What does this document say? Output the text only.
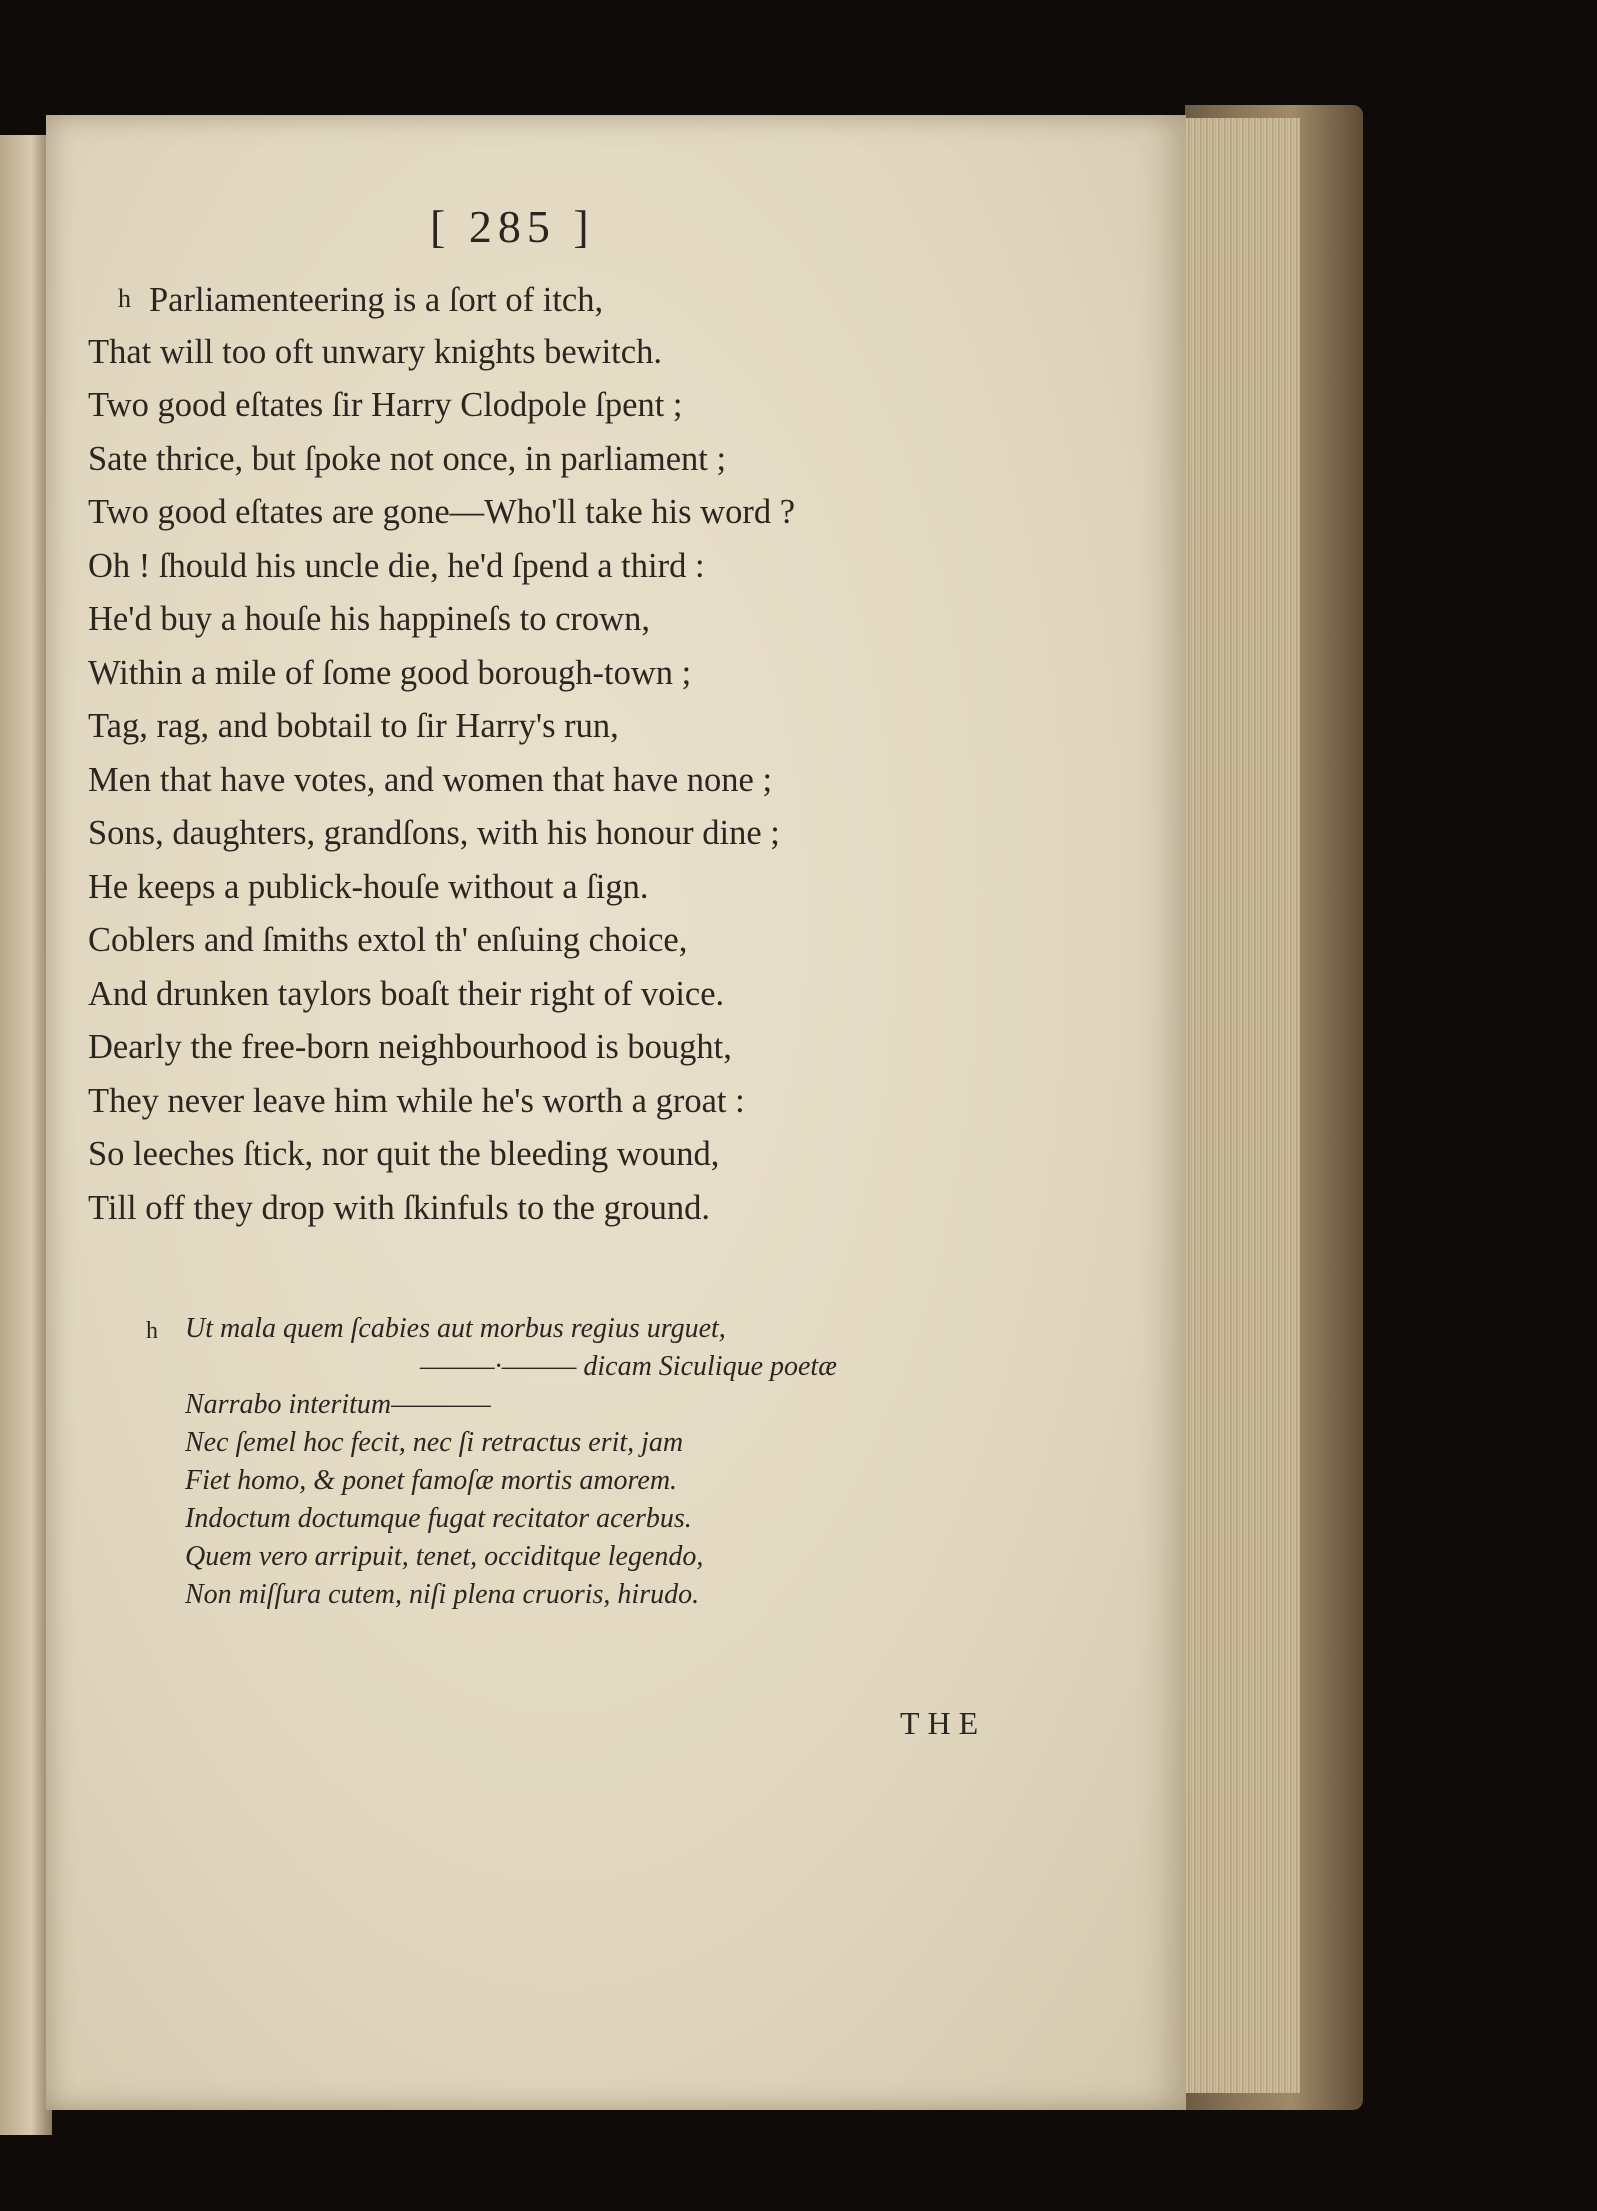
[ 285 ]
h Parliamenteering is a ſort of itch,
That will too oft unwary knights bewitch.
Two good eſtates ſir Harry Clodpole ſpent ;
Sate thrice, but ſpoke not once, in parliament ;
Two good eſtates are gone—Who'll take his word ?
Oh ! ſhould his uncle die, he'd ſpend a third :
He'd buy a houſe his happineſs to crown,
Within a mile of ſome good borough-town ;
Tag, rag, and bobtail to ſir Harry's run,
Men that have votes, and women that have none ;
Sons, daughters, grandſons, with his honour dine ;
He keeps a publick-houſe without a ſign.
Coblers and ſmiths extol th' enſuing choice,
And drunken taylors boaſt their right of voice.
Dearly the free-born neighbourhood is bought,
They never leave him while he's worth a groat :
So leeches ſtick, nor quit the bleeding wound,
Till off they drop with ſkinfuls to the ground.
h Ut mala quem ſcabies aut morbus regius urguet,
———·——— dicam Siculique poetæ
Narrabo interitum————
Nec ſemel hoc fecit, nec ſi retractus erit, jam
Fiet homo, & ponet famoſæ mortis amorem.
Indoctum doctumque fugat recitator acerbus.
Quem vero arripuit, tenet, occiditque legendo,
Non miſſura cutem, niſi plena cruoris, hirudo.
THE
